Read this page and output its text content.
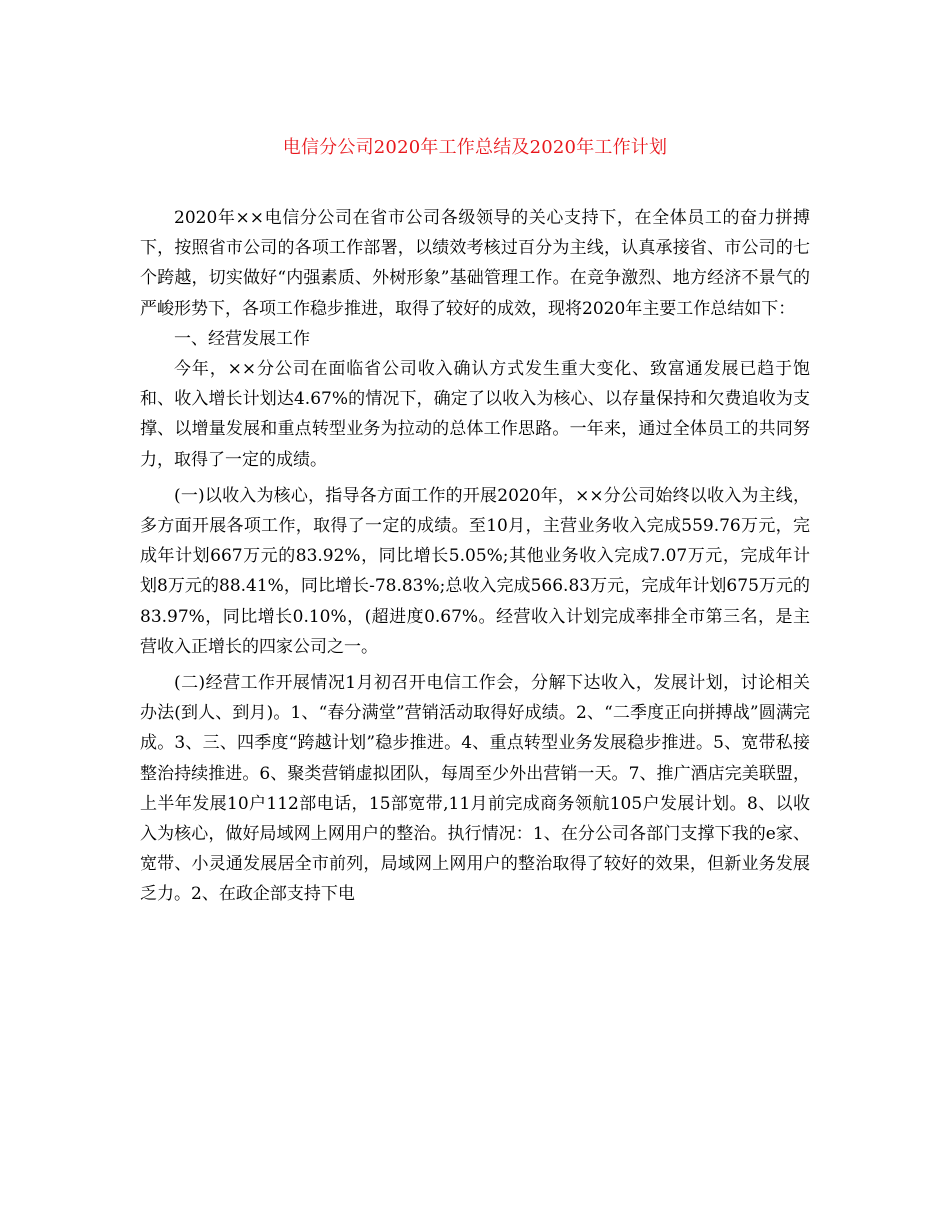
电信分公司2020年工作总结及2020年工作计划

2020年××电信分公司在省市公司各级领导的关心支持下，在全体员工的奋力拼搏下，按照省市公司的各项工作部署，以绩效考核过百分为主线，认真承接省、市公司的七个跨越，切实做好“内强素质、外树形象”基础管理工作。在竞争激烈、地方经济不景气的严峻形势下，各项工作稳步推进，取得了较好的成效，现将2020年主要工作总结如下：

一、经营发展工作

今年，××分公司在面临省公司收入确认方式发生重大变化、致富通发展已趋于饱和、收入增长计划达4.67%的情况下，确定了以收入为核心、以存量保持和欠费追收为支撑、以增量发展和重点转型业务为拉动的总体工作思路。一年来，通过全体员工的共同努力，取得了一定的成绩。

(一)以收入为核心，指导各方面工作的开展2020年，××分公司始终以收入为主线，多方面开展各项工作，取得了一定的成绩。至10月，主营业务收入完成559.76万元，完成年计划667万元的83.92%，同比增长5.05%;其他业务收入完成7.07万元，完成年计划8万元的88.41%，同比增长-78.83%;总收入完成566.83万元，完成年计划675万元的83.97%，同比增长0.10%，(超进度0.67%。经营收入计划完成率排全市第三名，是主营收入正增长的四家公司之一。

(二)经营工作开展情况1月初召开电信工作会，分解下达收入，发展计划，讨论相关办法(到人、到月)。1、“春分满堂”营销活动取得好成绩。2、“二季度正向拼搏战”圆满完成。3、三、四季度“跨越计划”稳步推进。4、重点转型业务发展稳步推进。5、宽带私接整治持续推进。6、聚类营销虚拟团队，每周至少外出营销一天。7、推广酒店完美联盟，上半年发展10户112部电话，15部宽带,11月前完成商务领航105户发展计划。8、以收入为核心，做好局域网上网用户的整治。执行情况：1、在分公司各部门支撑下我的e家、宽带、小灵通发展居全市前列，局域网上网用户的整治取得了较好的效果，但新业务发展乏力。2、在政企部支持下电
